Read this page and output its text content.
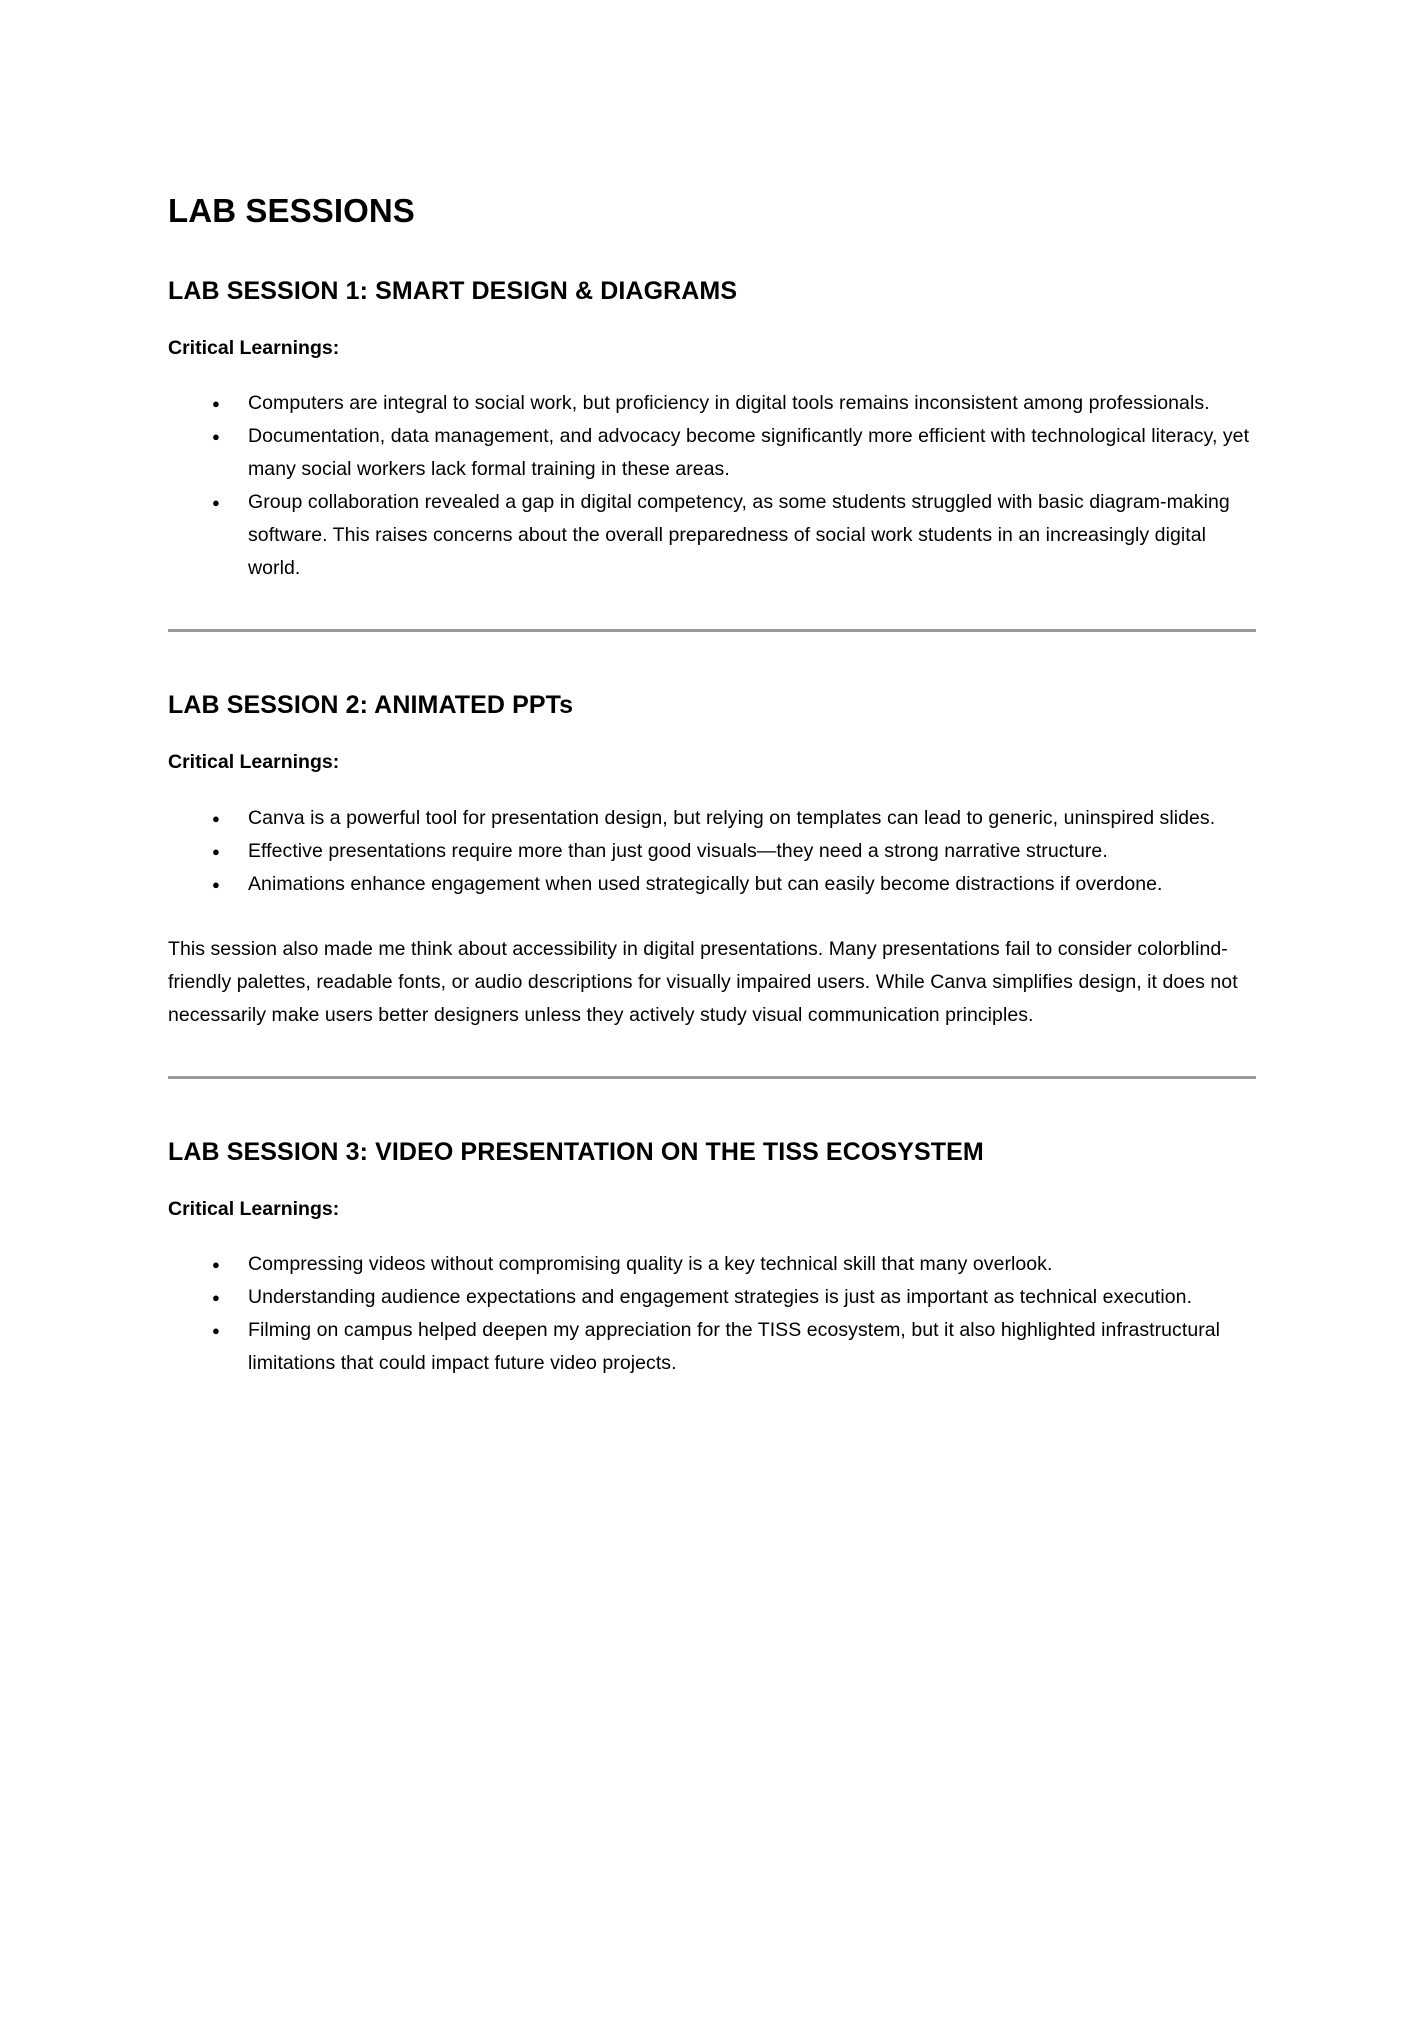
LAB SESSIONS
LAB SESSION 1: SMART DESIGN & DIAGRAMS
Critical Learnings:
● Computers are integral to social work, but proficiency in digital tools remains inconsistent among professionals.
● Documentation, data management, and advocacy become significantly more efficient with technological literacy, yet many social workers lack formal training in these areas.
● Group collaboration revealed a gap in digital competency, as some students struggled with basic diagram-making software. This raises concerns about the overall preparedness of social work students in an increasingly digital world.
LAB SESSION 2: ANIMATED PPTs
Critical Learnings:
● Canva is a powerful tool for presentation design, but relying on templates can lead to generic, uninspired slides.
● Effective presentations require more than just good visuals—they need a strong narrative structure.
● Animations enhance engagement when used strategically but can easily become distractions if overdone.

This session also made me think about accessibility in digital presentations. Many presentations fail to consider colorblind-friendly palettes, readable fonts, or audio descriptions for visually impaired users. While Canva simplifies design, it does not necessarily make users better designers unless they actively study visual communication principles.

LAB SESSION 3: VIDEO PRESENTATION ON THE TISS ECOSYSTEM
Critical Learnings:
● Compressing videos without compromising quality is a key technical skill that many overlook.
● Understanding audience expectations and engagement strategies is just as important as technical execution.
● Filming on campus helped deepen my appreciation for the TISS ecosystem, but it also highlighted infrastructural limitations that could impact future video projects.
